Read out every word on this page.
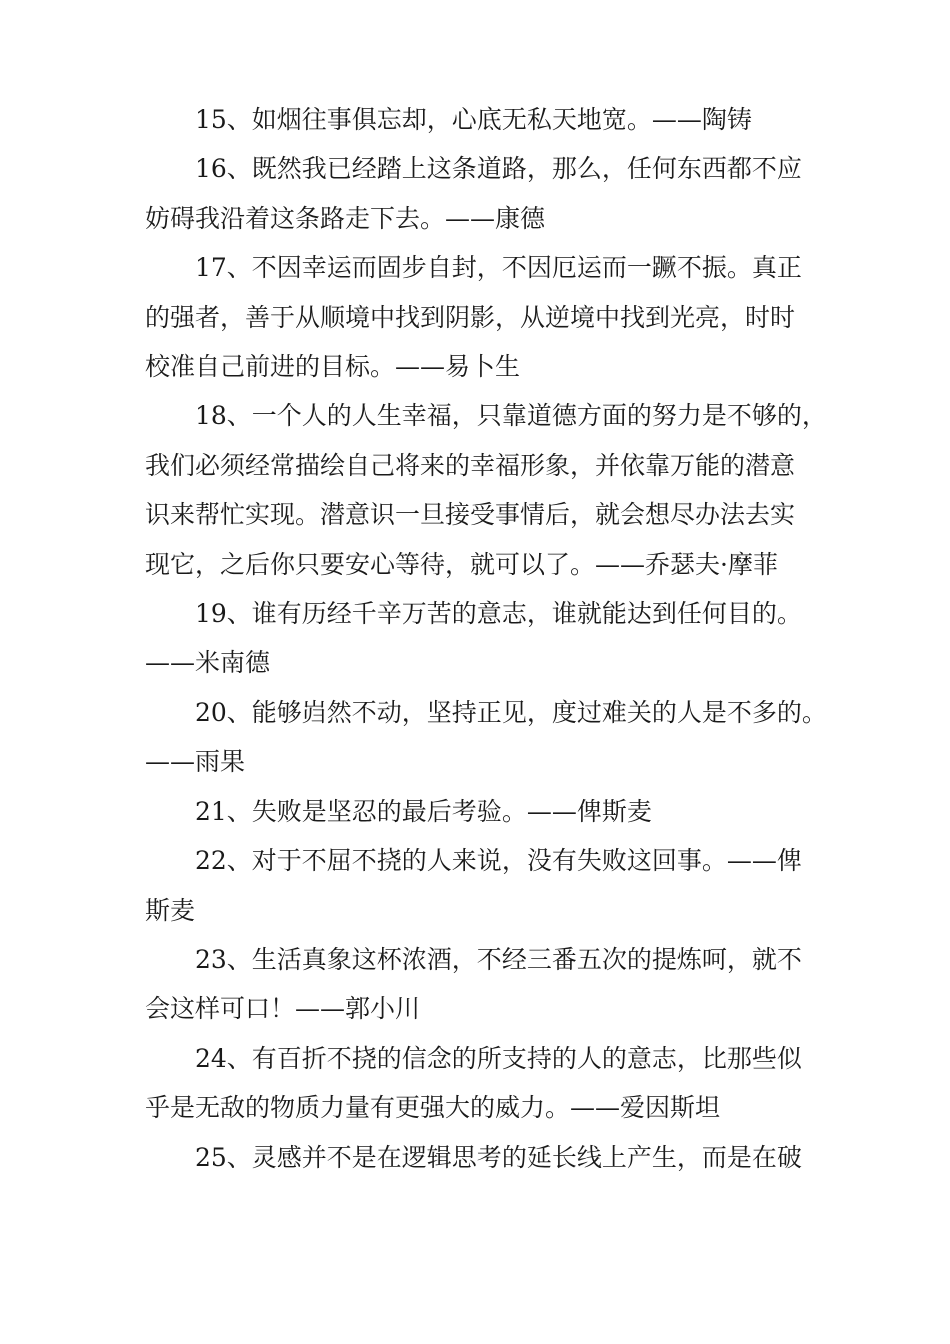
15、如烟往事俱忘却，心底无私天地宽。——陶铸
16、既然我已经踏上这条道路，那么，任何东西都不应
妨碍我沿着这条路走下去。——康德
17、不因幸运而固步自封，不因厄运而一蹶不振。真正
的强者，善于从顺境中找到阴影，从逆境中找到光亮，时时
校准自己前进的目标。——易卜生
18、一个人的人生幸福，只靠道德方面的努力是不够的，
我们必须经常描绘自己将来的幸福形象，并依靠万能的潜意
识来帮忙实现。潜意识一旦接受事情后，就会想尽办法去实
现它，之后你只要安心等待，就可以了。——乔瑟夫·摩菲
19、谁有历经千辛万苦的意志，谁就能达到任何目的。
——米南德
20、能够岿然不动，坚持正见，度过难关的人是不多的。
——雨果
21、失败是坚忍的最后考验。——俾斯麦
22、对于不屈不挠的人来说，没有失败这回事。——俾
斯麦
23、生活真象这杯浓酒，不经三番五次的提炼呵，就不
会这样可口！——郭小川
24、有百折不挠的信念的所支持的人的意志，比那些似
乎是无敌的物质力量有更强大的威力。——爱因斯坦
25、灵感并不是在逻辑思考的延长线上产生，而是在破
